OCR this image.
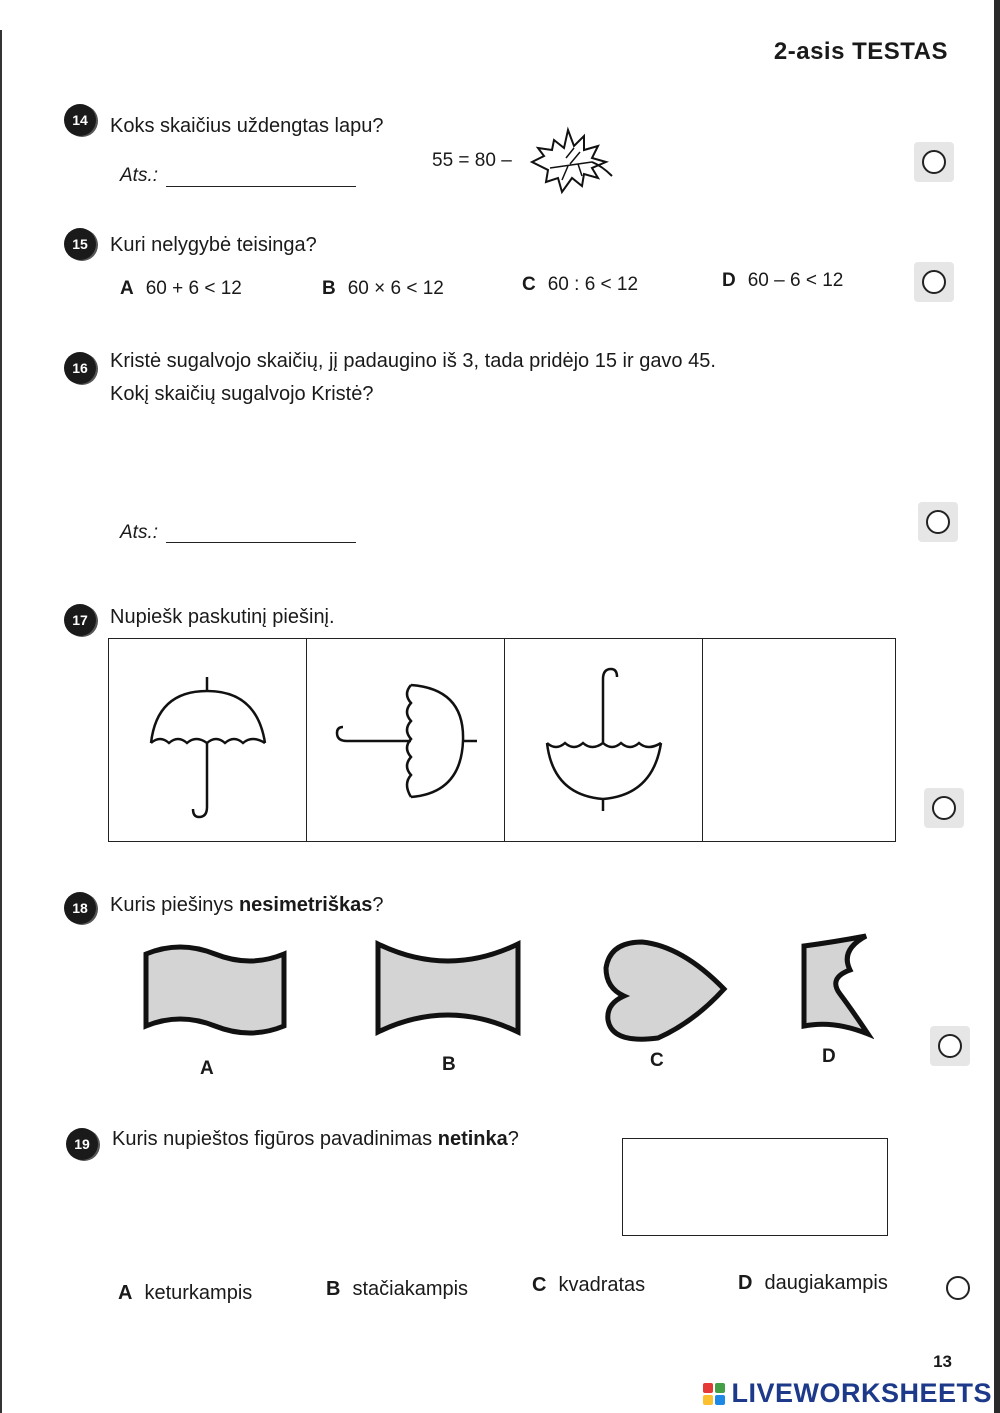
2-asis TESTAS
14	Koks skaičius uždengtas lapu?
Ats.:
55 = 80 –
15	Kuri nelygybė teisinga?
A 60 + 6 < 12	B 60 × 6 < 12	C 60 : 6 < 12	D 60 – 6 < 12
16	Kristė sugalvojo skaičių, jį padaugino iš 3, tada pridėjo 15 ir gavo 45.
Kokį skaičių sugalvojo Kristė?
Ats.:
17	Nupiešk paskutinį piešinį.
18	Kuris piešinys nesimetriškas?
A	B	C	D
19	Kuris nupieštos figūros pavadinimas netinka?
A keturkampis	B stačiakampis	C kvadratas	D daugiakampis
13
LIVEWORKSHEETS
